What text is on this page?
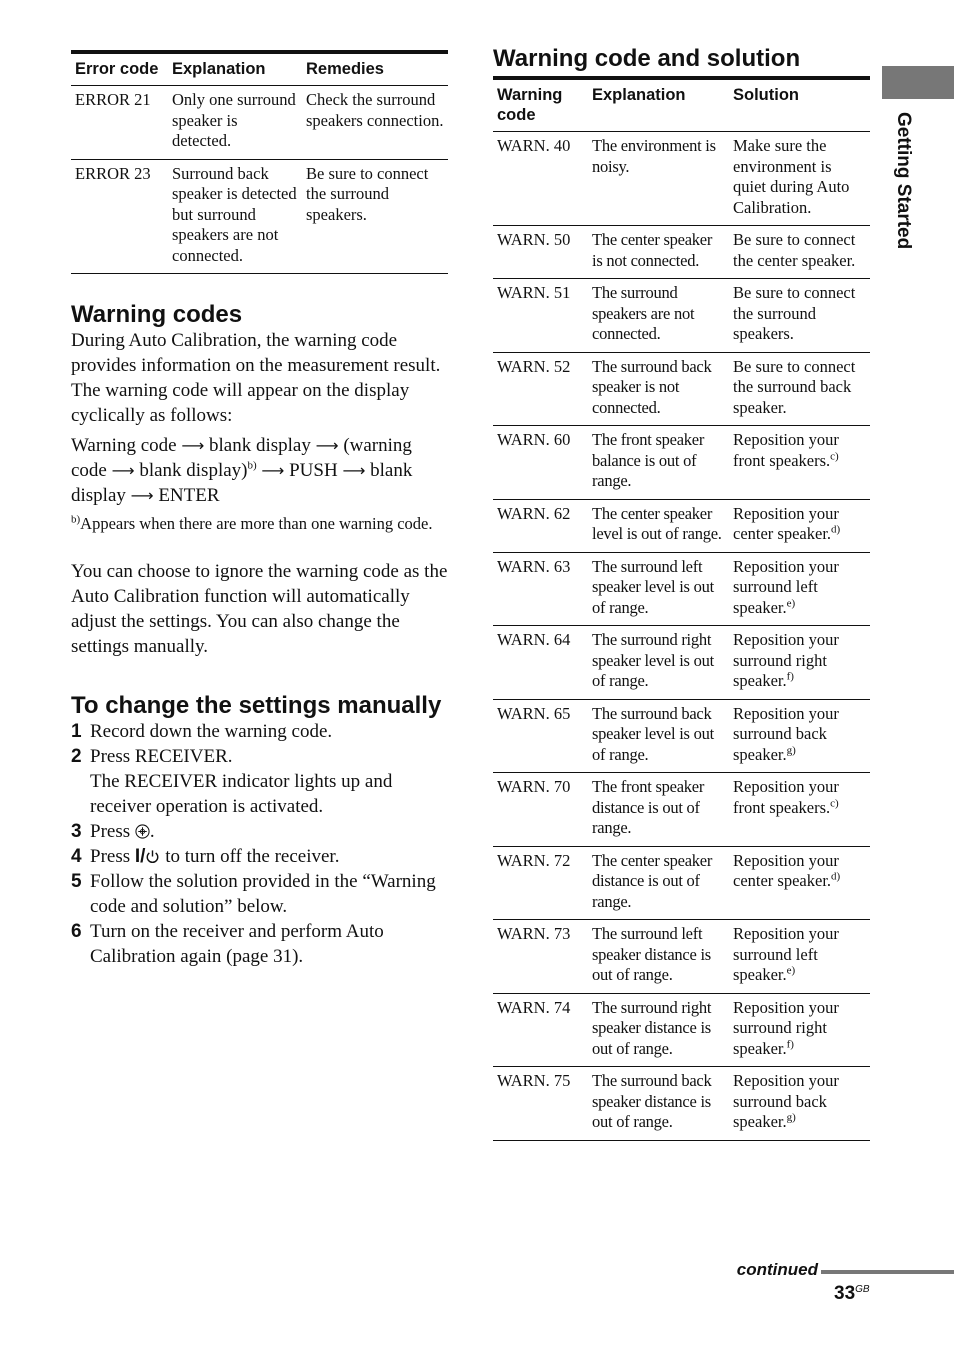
Error code	Explanation	Remedies
ERROR 21	Only one surround speaker is detected.	Check the surround speakers connection.
ERROR 23	Surround back speaker is detected but surround speakers are not connected.	Be sure to connect the surround speakers.
Warning codes

During Auto Calibration, the warning code provides information on the measurement result. The warning code will appear on the display cyclically as follows:

Warning code ⟶ blank display ⟶ (warning code ⟶ blank display)$^{b)}$ ⟶ PUSH ⟶ blank display ⟶ ENTER

$^{b)}$Appears when there are more than one warning code.

You can choose to ignore the warning code as the Auto Calibration function will automatically adjust the settings. You can also change the settings manually.

To change the settings manually
1 Record down the warning code.
2 Press RECEIVER.
The RECEIVER indicator lights up and receiver operation is activated.
3 Press .
4 Press I/ to turn off the receiver.
5 Follow the solution provided in the “Warning code and solution” below.
6 Turn on the receiver and perform Auto Calibration again (page 31).
Warning code and solution
Warning code	Explanation	Solution
WARN. 40	The environment is noisy.	Make sure the environment is quiet during Auto Calibration.
WARN. 50	The center speaker is not connected.	Be sure to connect the center speaker.
WARN. 51	The surround speakers are not connected.	Be sure to connect the surround speakers.
WARN. 52	The surround back speaker is not connected.	Be sure to connect the surround back speaker.
WARN. 60	The front speaker balance is out of range.	Reposition your front speakers.$^{c)}$
WARN. 62	The center speaker level is out of range.	Reposition your center speaker.$^{d)}$
WARN. 63	The surround left speaker level is out of range.	Reposition your surround left speaker.$^{e)}$
WARN. 64	The surround right speaker level is out of range.	Reposition your surround right speaker.$^{f)}$
WARN. 65	The surround back speaker level is out of range.	Reposition your surround back speaker.$^{g)}$
WARN. 70	The front speaker distance is out of range.	Reposition your front speakers.$^{c)}$
WARN. 72	The center speaker distance is out of range.	Reposition your center speaker.$^{d)}$
WARN. 73	The surround left speaker distance is out of range.	Reposition your surround left speaker.$^{e)}$
WARN. 74	The surround right speaker distance is out of range.	Reposition your surround right speaker.$^{f)}$
WARN. 75	The surround back speaker distance is out of range.	Reposition your surround back speaker.$^{g)}$
Getting Started
continued
$33^{GB}$
